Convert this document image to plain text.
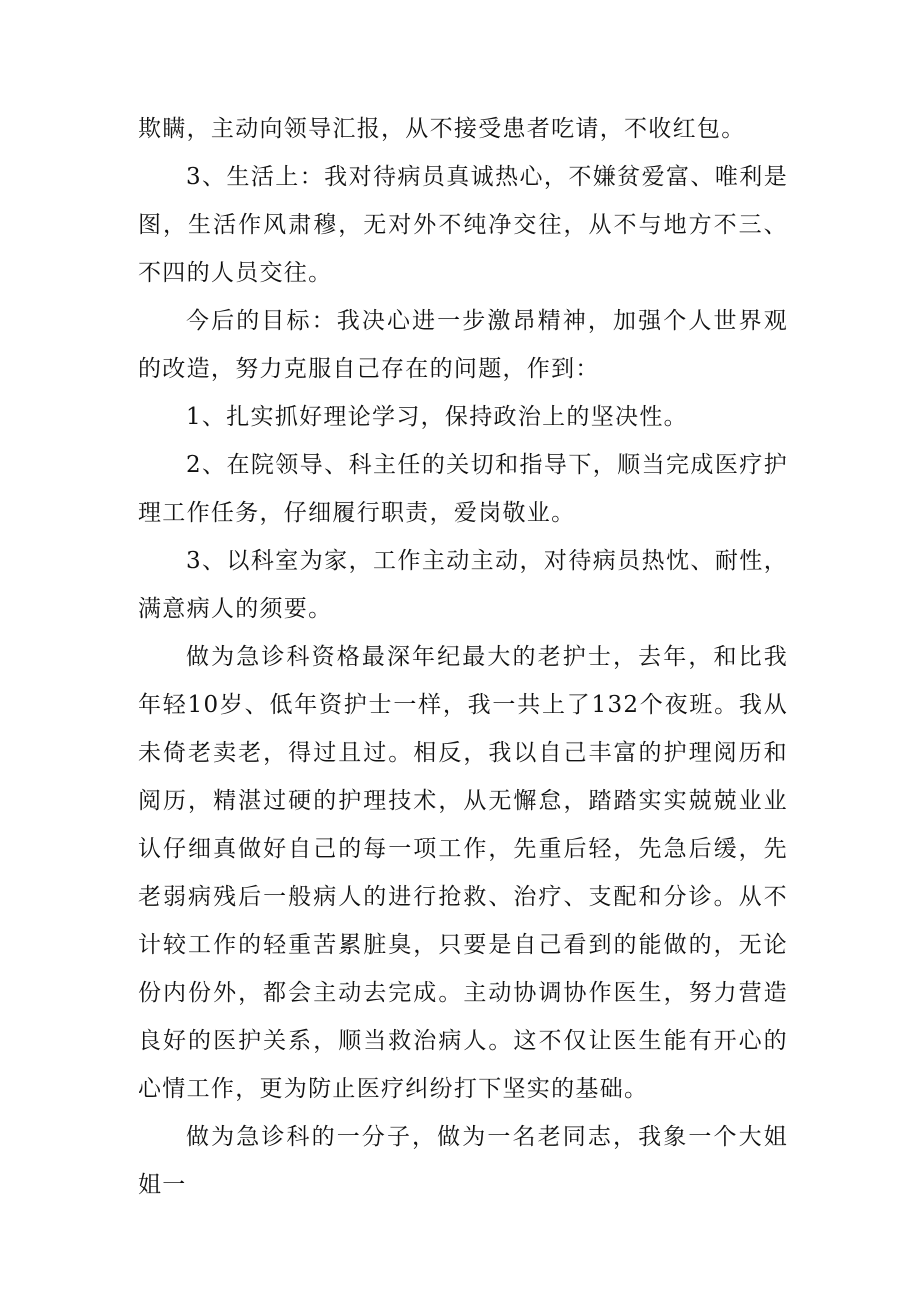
欺瞒，主动向领导汇报，从不接受患者吃请，不收红包。

3、生活上：我对待病员真诚热心，不嫌贫爱富、唯利是图，生活作风肃穆，无对外不纯净交往，从不与地方不三、不四的人员交往。

今后的目标：我决心进一步激昂精神，加强个人世界观的改造，努力克服自己存在的问题，作到：

1、扎实抓好理论学习，保持政治上的坚决性。

2、在院领导、科主任的关切和指导下，顺当完成医疗护理工作任务，仔细履行职责，爱岗敬业。

3、以科室为家，工作主动主动，对待病员热忱、耐性，满意病人的须要。

做为急诊科资格最深年纪最大的老护士，去年，和比我年轻10岁、低年资护士一样，我一共上了132个夜班。我从未倚老卖老，得过且过。相反，我以自己丰富的护理阅历和阅历，精湛过硬的护理技术，从无懈怠，踏踏实实兢兢业业认仔细真做好自己的每一项工作，先重后轻，先急后缓，先老弱病残后一般病人的进行抢救、治疗、支配和分诊。从不计较工作的轻重苦累脏臭，只要是自己看到的能做的，无论份内份外，都会主动去完成。主动协调协作医生，努力营造良好的医护关系，顺当救治病人。这不仅让医生能有开心的心情工作，更为防止医疗纠纷打下坚实的基础。

做为急诊科的一分子，做为一名老同志，我象一个大姐姐一
